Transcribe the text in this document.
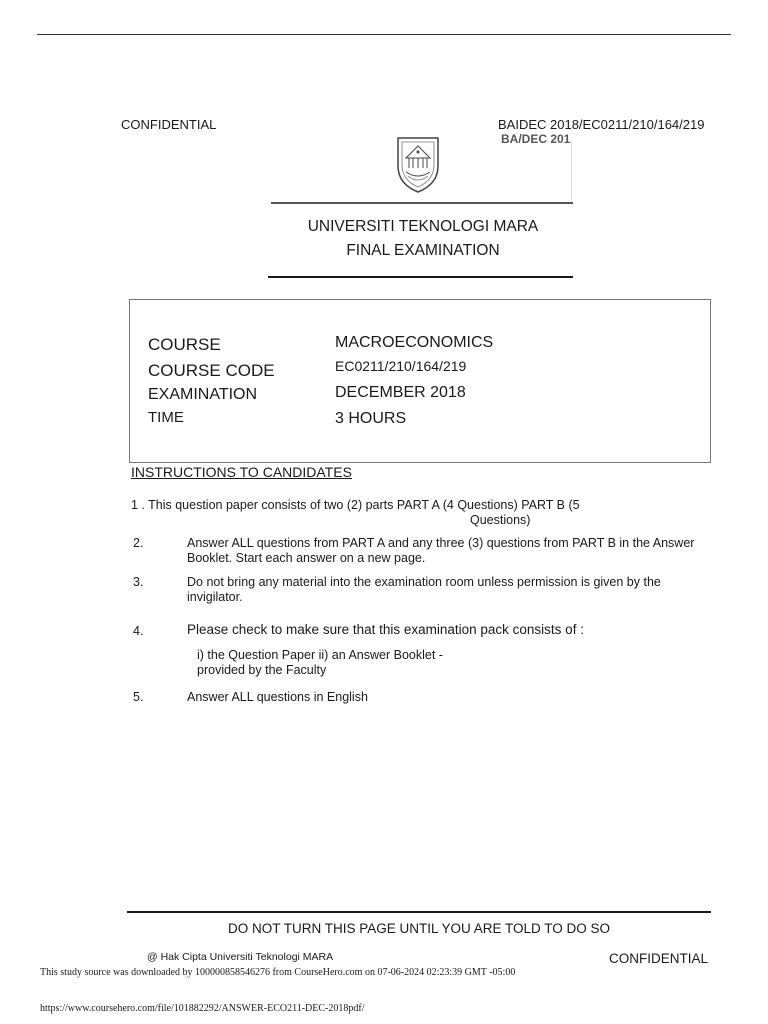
CONFIDENTIAL	BAIDEC 2018/EC0211/210/164/219
BA/DEC 201
UNIVERSITI TEKNOLOGI MARA
FINAL EXAMINATION
COURSE	MACROECONOMICS
COURSE CODE	EC0211/210/164/219
EXAMINATION	DECEMBER 2018
TIME	3 HOURS
INSTRUCTIONS TO CANDIDATES
1 . This question paper consists of two (2) parts PART A (4 Questions) PART B (5
Questions)
2.	Answer ALL questions from PART A and any three (3) questions from PART B in the Answer Booklet. Start each answer on a new page.
3.	Do not bring any material into the examination room unless permission is given by the invigilator.
4.	Please check to make sure that this examination pack consists of :
i) the Question Paper ii) an Answer Booklet -
provided by the Faculty
5.	Answer ALL questions in English
DO NOT TURN THIS PAGE UNTIL YOU ARE TOLD TO DO SO
@ Hak Cipta Universiti Teknologi MARA	CONFIDENTIAL
This study source was downloaded by 100000858546276 from CourseHero.com on 07-06-2024 02:23:39 GMT -05:00
https://www.coursehero.com/file/101882292/ANSWER-ECO211-DEC-2018pdf/
